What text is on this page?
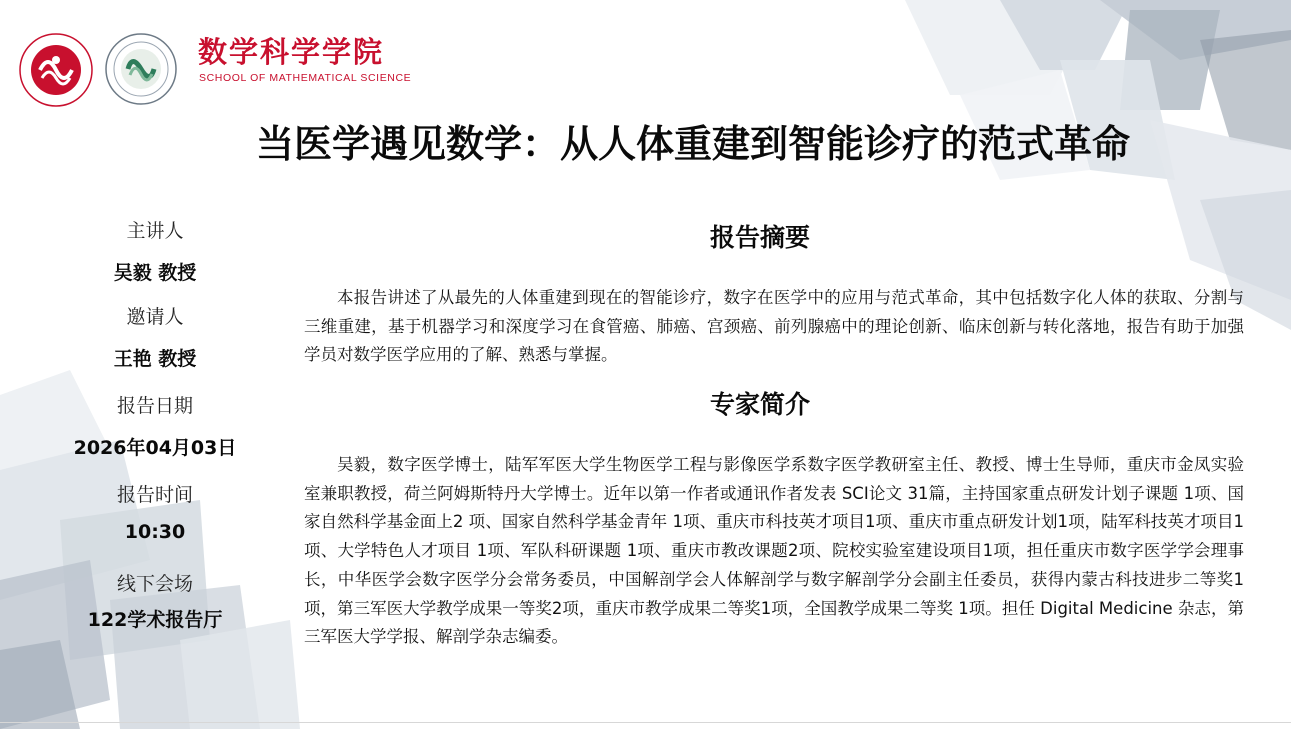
数学科学学院
SCHOOL OF MATHEMATICAL SCIENCE
当医学遇见数学：从人体重建到智能诊疗的范式革命
主讲人
吴毅 教授
邀请人
王艳 教授
报告日期
2026年04月03日
报告时间
10:30
线下会场
122学术报告厅
报告摘要
本报告讲述了从最先的人体重建到现在的智能诊疗，数字在医学中的应用与范式革命，其中包括数字化人体的获取、分割与三维重建，基于机器学习和深度学习在食管癌、肺癌、宫颈癌、前列腺癌中的理论创新、临床创新与转化落地，报告有助于加强学员对数学医学应用的了解、熟悉与掌握。
专家简介
吴毅，数字医学博士，陆军军医大学生物医学工程与影像医学系数字医学教研室主任、教授、博士生导师，重庆市金凤实验室兼职教授，荷兰阿姆斯特丹大学博士。近年以第一作者或通讯作者发表 SCI论文 31篇，主持国家重点研发计划子课题 1项、国家自然科学基金面上2 项、国家自然科学基金青年 1项、重庆市科技英才项目1项、重庆市重点研发计划1项，陆军科技英才项目1项、大学特色人才项目 1项、军队科研课题 1项、重庆市教改课题2项、院校实验室建设项目1项，担任重庆市数字医学学会理事长，中华医学会数字医学分会常务委员，中国解剖学会人体解剖学与数字解剖学分会副主任委员，获得内蒙古科技进步二等奖1项，第三军医大学教学成果一等奖2项，重庆市教学成果二等奖1项，全国教学成果二等奖 1项。担任 Digital Medicine 杂志，第三军医大学学报、解剖学杂志编委。
